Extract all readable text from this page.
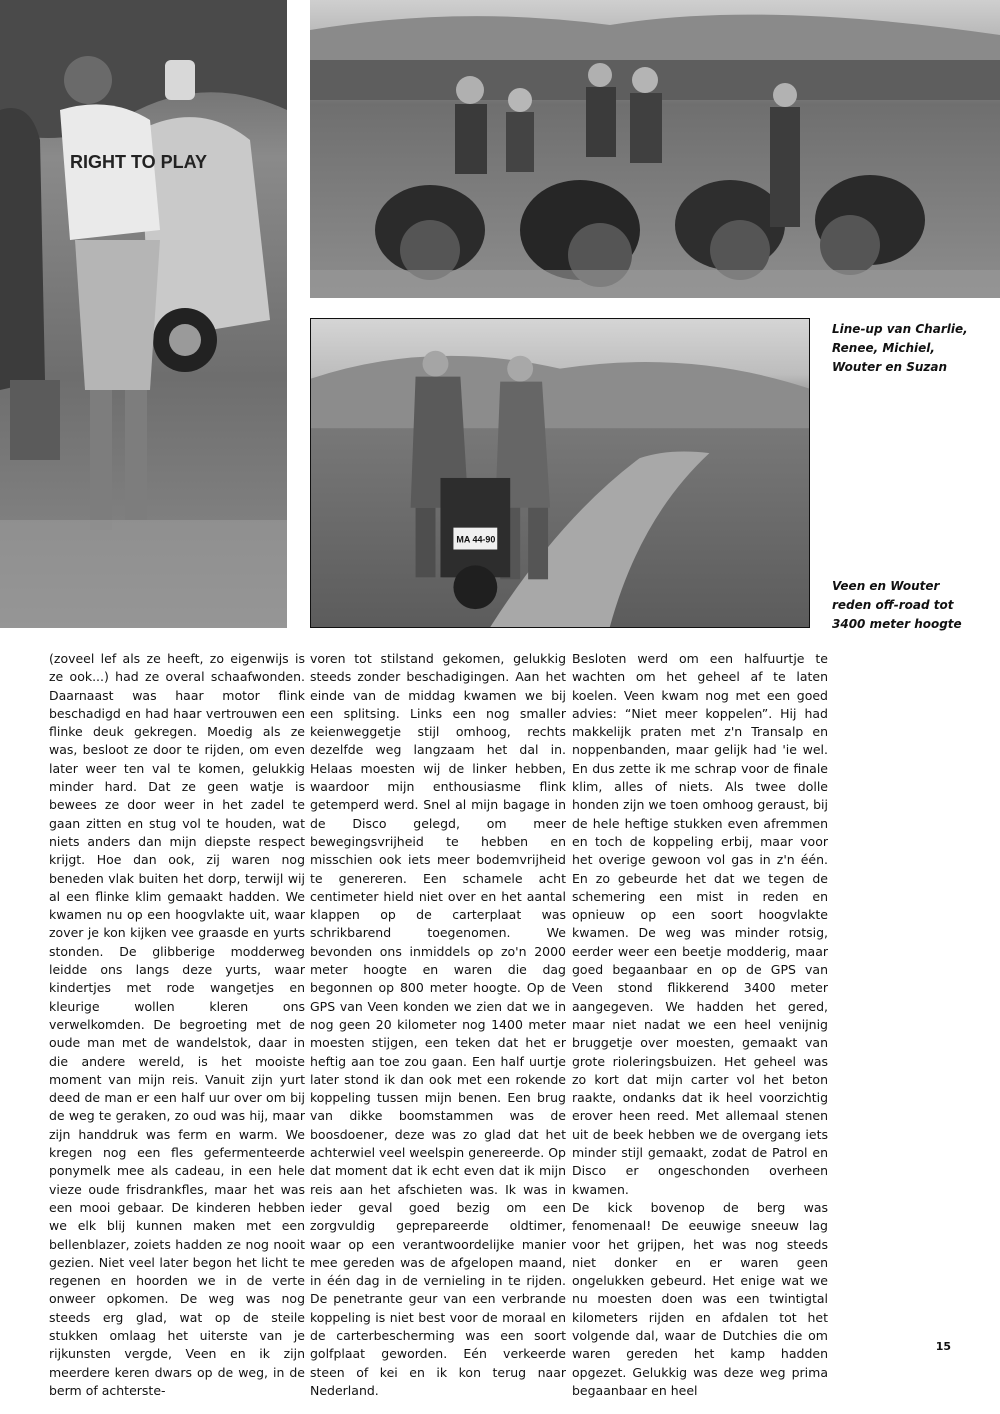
RIGHT TO PLAY
MA 44-90
Line-up van Charlie,
Renee, Michiel,
Wouter en Suzan
Veen en Wouter
reden off-road tot
3400 meter hoogte

(zoveel lef als ze heeft, zo eigenwijs is ze ook...) had ze overal schaafwonden. Daarnaast was haar motor flink beschadigd en had haar vertrouwen een flinke deuk gekregen. Moedig als ze was, besloot ze door te rijden, om even later weer ten val te komen, gelukkig minder hard. Dat ze geen watje is bewees ze door weer in het zadel te gaan zitten en stug vol te houden, wat niets anders dan mijn diepste respect krijgt. Hoe dan ook, zij waren nog beneden vlak buiten het dorp, terwijl wij al een flinke klim gemaakt hadden. We kwamen nu op een hoogvlakte uit, waar zover je kon kijken vee graasde en yurts stonden. De glibberige modderweg leidde ons langs deze yurts, waar kindertjes met rode wangetjes en kleurige wollen kleren ons verwelkomden. De begroeting met de oude man met de wandelstok, daar in die andere wereld, is het mooiste moment van mijn reis. Vanuit zijn yurt deed de man er een half uur over om bij de weg te geraken, zo oud was hij, maar zijn handdruk was ferm en warm. We kregen nog een fles gefermenteerde ponymelk mee als cadeau, in een hele vieze oude frisdrankfles, maar het was een mooi gebaar. De kinderen hebben we elk blij kunnen maken met een bellenblazer, zoiets hadden ze nog nooit gezien. Niet veel later begon het licht te regenen en hoorden we in de verte onweer opkomen. De weg was nog steeds erg glad, wat op de steile stukken omlaag het uiterste van je rijkunsten vergde, Veen en ik zijn meerdere keren dwars op de weg, in de berm of achterste-

voren tot stilstand gekomen, gelukkig steeds zonder beschadigingen. Aan het einde van de middag kwamen we bij een splitsing. Links een nog smaller keienweggetje stijl omhoog, rechts dezelfde weg langzaam het dal in. Helaas moesten wij de linker hebben, waardoor mijn enthousiasme flink getemperd werd. Snel al mijn bagage in de Disco gelegd, om meer bewegingsvrijheid te hebben en misschien ook iets meer bodemvrijheid te genereren. Een schamele acht centimeter hield niet over en het aantal klappen op de carterplaat was schrikbarend toegenomen. We bevonden ons inmiddels op zo'n 2000 meter hoogte en waren die dag begonnen op 800 meter hoogte. Op de GPS van Veen konden we zien dat we in nog geen 20 kilometer nog 1400 meter moesten stijgen, een teken dat het er heftig aan toe zou gaan. Een half uurtje later stond ik dan ook met een rokende koppeling tussen mijn benen. Een brug van dikke boomstammen was de boosdoener, deze was zo glad dat het achterwiel veel weelspin genereerde. Op dat moment dat ik echt even dat ik mijn reis aan het afschieten was. Ik was in ieder geval goed bezig om een zorgvuldig geprepareerde oldtimer, waar op een verantwoordelijke manier mee gereden was de afgelopen maand, in één dag in de vernieling in te rijden. De penetrante geur van een verbrande koppeling is niet best voor de moraal en de carterbescherming was een soort golfplaat geworden. Eén verkeerde steen of kei en ik kon terug naar Nederland.

Besloten werd om een halfuurtje te wachten om het geheel af te laten koelen. Veen kwam nog met een goed advies: “Niet meer koppelen”. Hij had makkelijk praten met z'n Transalp en noppenbanden, maar gelijk had 'ie wel. En dus zette ik me schrap voor de finale klim, alles of niets. Als twee dolle honden zijn we toen omhoog geraust, bij de hele heftige stukken even afremmen en toch de koppeling erbij, maar voor het overige gewoon vol gas in z'n één. En zo gebeurde het dat we tegen de schemering een mist in reden en opnieuw op een soort hoogvlakte kwamen. De weg was minder rotsig, eerder weer een beetje modderig, maar goed begaanbaar en op de GPS van Veen stond flikkerend 3400 meter aangegeven. We hadden het gered, maar niet nadat we een heel venijnig bruggetje over moesten, gemaakt van grote rioleringsbuizen. Het geheel was zo kort dat mijn carter vol het beton raakte, ondanks dat ik heel voorzichtig erover heen reed. Met allemaal stenen uit de beek hebben we de overgang iets minder stijl gemaakt, zodat de Patrol en Disco er ongeschonden overheen kwamen.

De kick bovenop de berg was fenomenaal! De eeuwige sneeuw lag voor het grijpen, het was nog steeds niet donker en er waren geen ongelukken gebeurd. Het enige wat we nu moesten doen was een twintigtal kilometers rijden en afdalen tot het volgende dal, waar de Dutchies die om waren gereden het kamp hadden opgezet. Gelukkig was deze weg prima begaanbaar en heel

15
